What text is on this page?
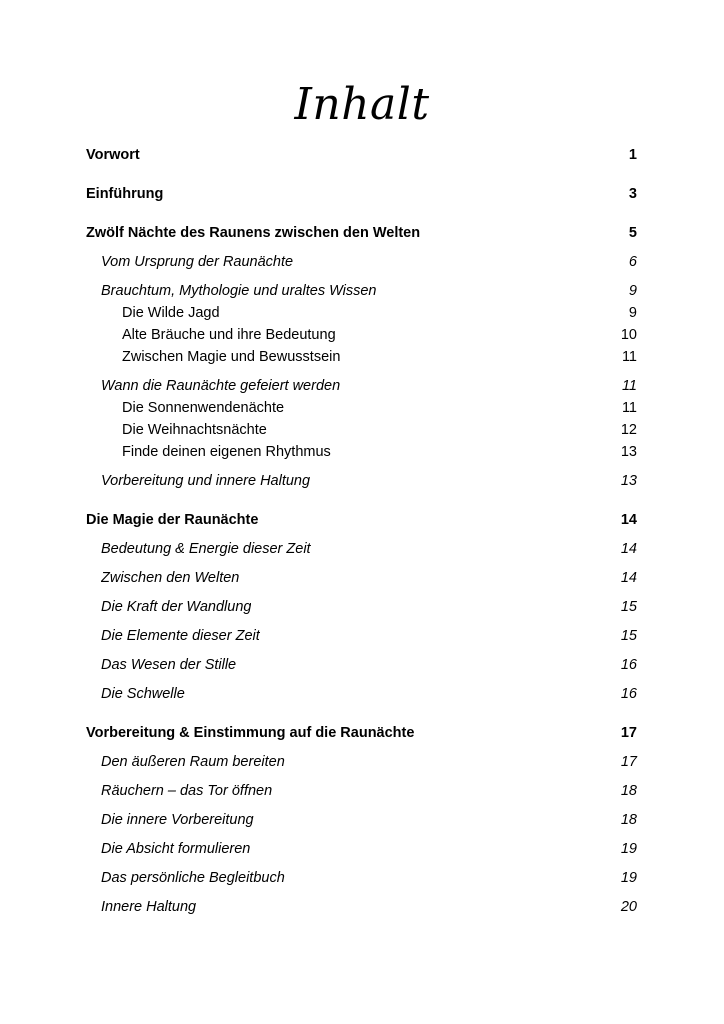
Inhalt
Vorwort	1
Einführung	3
Zwölf Nächte des Raunens zwischen den Welten	5
Vom Ursprung der Raunächte	6
Brauchtum, Mythologie und uraltes Wissen	9
Die Wilde Jagd	9
Alte Bräuche und ihre Bedeutung	10
Zwischen Magie und Bewusstsein	11
Wann die Raunächte gefeiert werden	11
Die Sonnenwendenächte	11
Die Weihnachtsnächte	12
Finde deinen eigenen Rhythmus	13
Vorbereitung und innere Haltung	13
Die Magie der Raunächte	14
Bedeutung & Energie dieser Zeit	14
Zwischen den Welten	14
Die Kraft der Wandlung	15
Die Elemente dieser Zeit	15
Das Wesen der Stille	16
Die Schwelle	16
Vorbereitung & Einstimmung auf die Raunächte	17
Den äußeren Raum bereiten	17
Räuchern – das Tor öffnen	18
Die innere Vorbereitung	18
Die Absicht formulieren	19
Das persönliche Begleitbuch	19
Innere Haltung	20
